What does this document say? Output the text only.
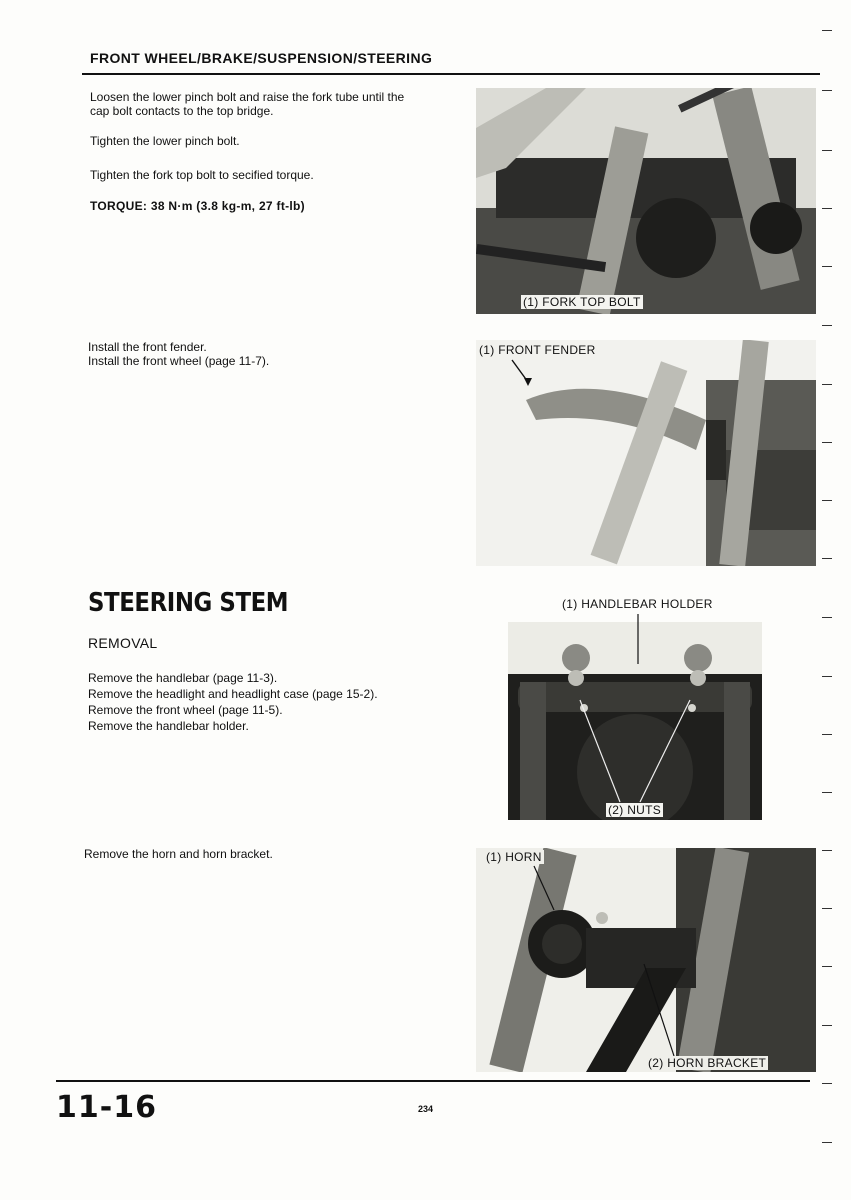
FRONT WHEEL/BRAKE/SUSPENSION/STEERING
Loosen the lower pinch bolt and raise the fork tube until the
cap bolt contacts to the top bridge.
Tighten the lower pinch bolt.
Tighten the fork top bolt to secified torque.
TORQUE: 38 N·m (3.8 kg-m, 27 ft-lb)
(1) FORK TOP BOLT
Install the front fender.
Install the front wheel (page 11-7).
(1) FRONT FENDER
STEERING STEM
REMOVAL
Remove the handlebar (page 11-3).
Remove the headlight and headlight case (page 15-2).
Remove the front wheel (page 11-5).
Remove the handlebar holder.
(1) HANDLEBAR HOLDER
(2) NUTS
Remove the horn and horn bracket.	(1) HORN
(2) HORN BRACKET
11-16	234
